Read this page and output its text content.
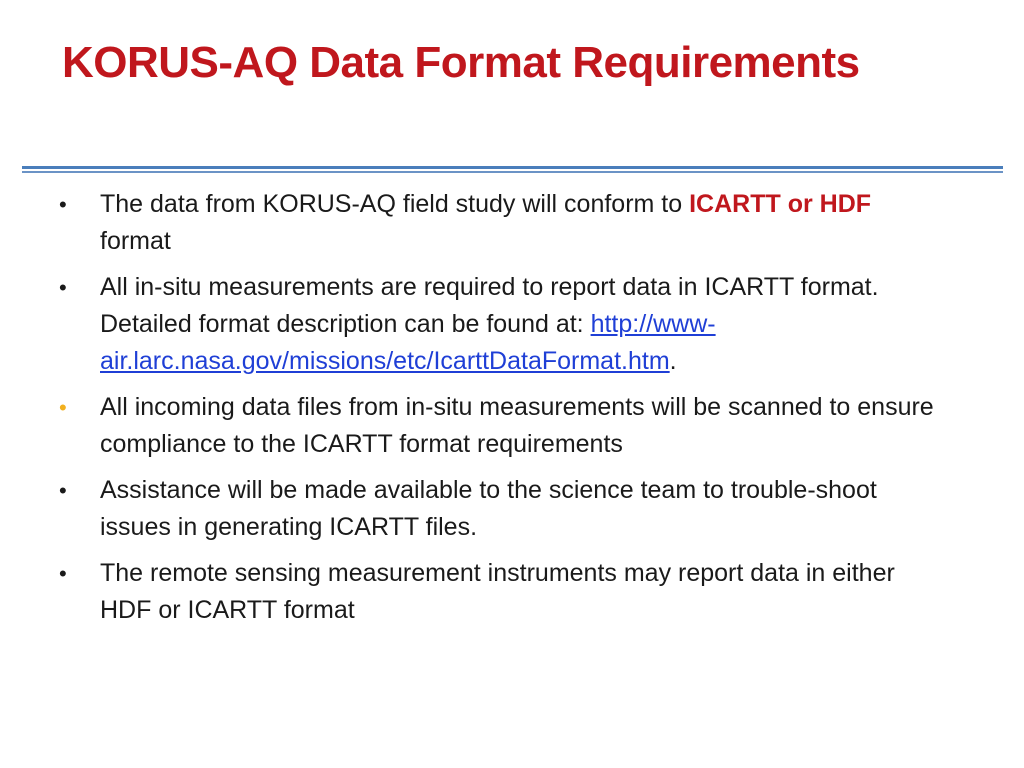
KORUS-AQ Data Format Requirements
• The data from KORUS-AQ field study will conform to ICARTT or HDF format
• All in-situ measurements are required to report data in ICARTT format. Detailed format description can be found at: http://www-air.larc.nasa.gov/missions/etc/IcarttDataFormat.htm.
• All incoming data files from in-situ measurements will be scanned to ensure compliance to the ICARTT format requirements
• Assistance will be made available to the science team to trouble-shoot issues in generating ICARTT files.
• The remote sensing measurement instruments may report data in either HDF or ICARTT format
